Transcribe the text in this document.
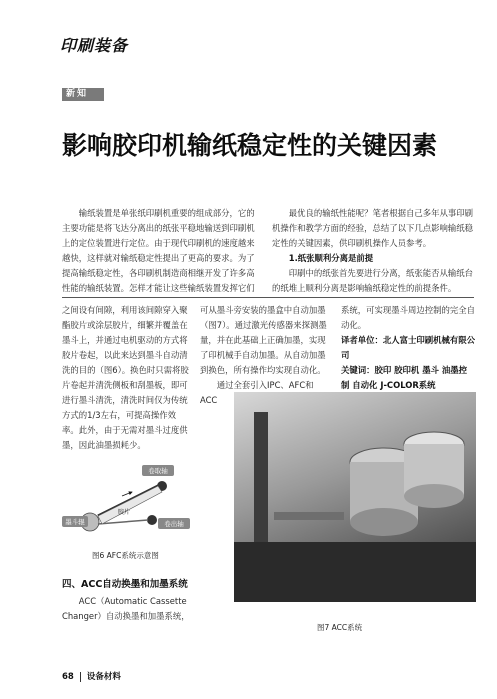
印刷装备
新知
影响胶印机输纸稳定性的关键因素

输纸装置是单张纸印刷机重要的组成部分，它的主要功能是将飞达分离出的纸张平稳地输送到印刷机上的定位装置进行定位。由于现代印刷机的速度越来越快，这样就对输纸稳定性提出了更高的要求。为了提高输纸稳定性，各印刷机制造商相继开发了许多高性能的输纸装置。怎样才能让这些输纸装置发挥它们

最优良的输纸性能呢？笔者根据自己多年从事印刷机操作和教学方面的经验，总结了以下几点影响输纸稳定性的关键因素，供印刷机操作人员参考。

1.纸张顺利分离是前提

印刷中的纸张首先要进行分离，纸张能否从输纸台的纸堆上顺利分离是影响输纸稳定性的前提条件。

之间设有间隙，利用该间隙穿入聚酯胶片或涂层胶片，细繁并覆盖在墨斗上，并通过电机驱动的方式将胶片卷起，以此来达到墨斗自动清洗的目的（图6）。换色时只需将胶片卷起并清洗侧板和刮墨板，即可进行墨斗清洗，清洗时间仅为传统方式的1/3左右，可提高操作效率。此外，由于无需对墨斗过度供墨，因此油墨损耗少。

可从墨斗旁安装的墨盒中自动加墨（图7）。通过激光传感器来探测墨量，并在此基础上正确加墨，实现了印机械手自动加墨。从自动加墨到换色，所有操作均实现自动化。

通过全套引入IPC、AFC和ACC

系统，可实现墨斗周边控制的完全自动化。

译者单位：北人富士印刷机械有限公司

关键词：胶印 胶印机 墨斗 油墨控制 自动化 J-COLOR系统

卷取轴
墨斗辊
胶片
卷出轴
图6 AFC系统示意图
四、ACC自动换墨和加墨系统

ACC（Automatic Cassette Changer）自动换墨和加墨系统，

图7 ACC系统
68 设备材料
